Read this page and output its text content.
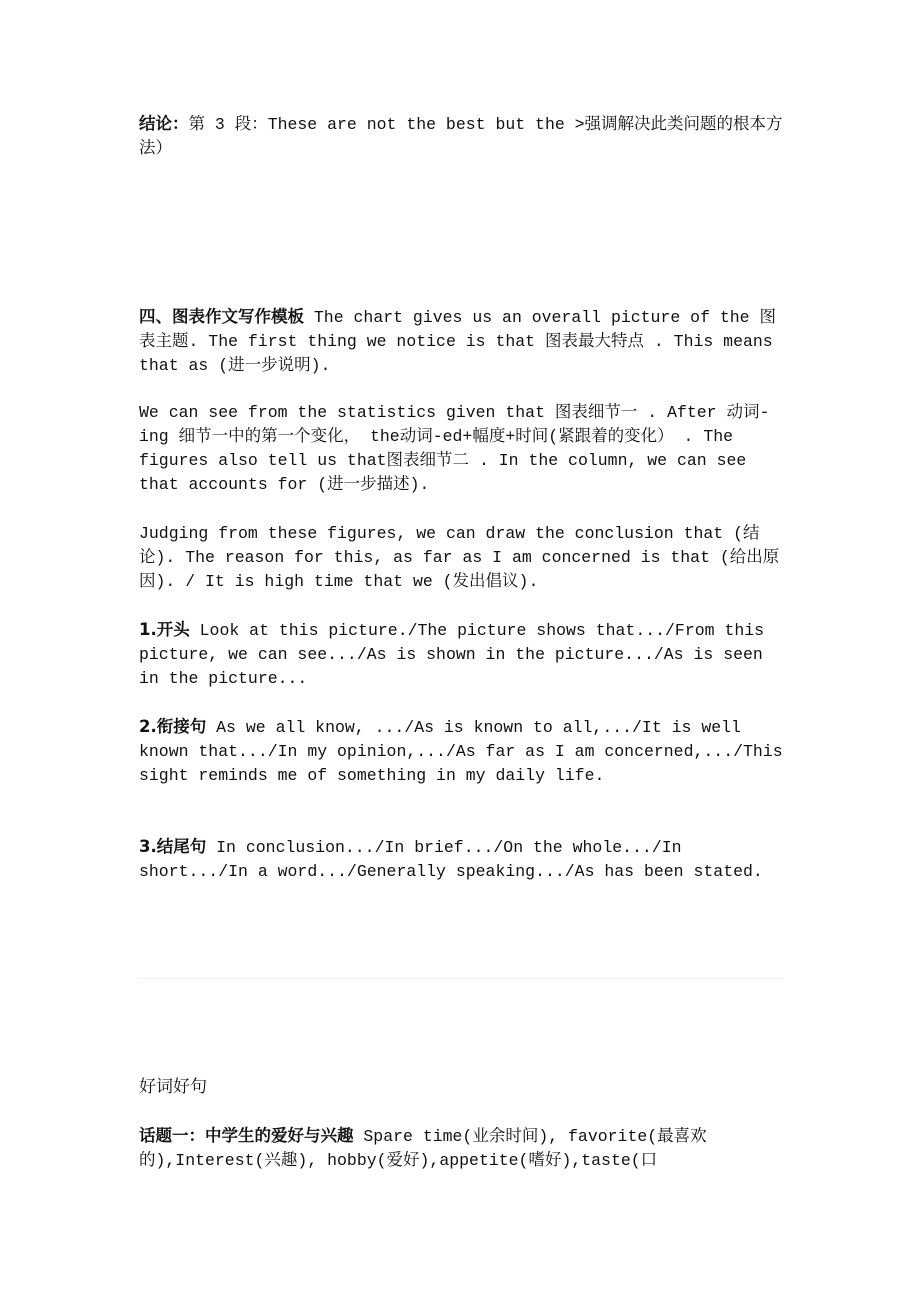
结论：第 3 段：These are not the best but the >强调解决此类问题的根本方法）

四、图表作文写作模板 The chart gives us an overall picture of the 图表主题. The first thing we notice is that 图表最大特点 . This means that as (进一步说明).

We can see from the statistics given that 图表细节一 . After 动词-ing 细节一中的第一个变化， the动词-ed+幅度+时间(紧跟着的变化） . The figures also tell us that图表细节二 . In the column, we can see that accounts for (进一步描述).

Judging from these figures, we can draw the conclusion that (结论). The reason for this, as far as I am concerned is that (给出原因). / It is high time that we (发出倡议).

1.开头 Look at this picture./The picture shows that.../From this picture, we can see.../As is shown in the picture.../As is seen in the picture...

2.衔接句 As we all know, .../As is known to all,.../It is well known that.../In my opinion,.../As far as I am concerned,.../This sight reminds me of something in my daily life.

3.结尾句 In conclusion.../In brief.../On the whole.../In short.../In a word.../Generally speaking.../As has been stated.

好词好句

话题一：中学生的爱好与兴趣 Spare time(业余时间), favorite(最喜欢的),Interest(兴趣), hobby(爱好),appetite(嗜好),taste(口
